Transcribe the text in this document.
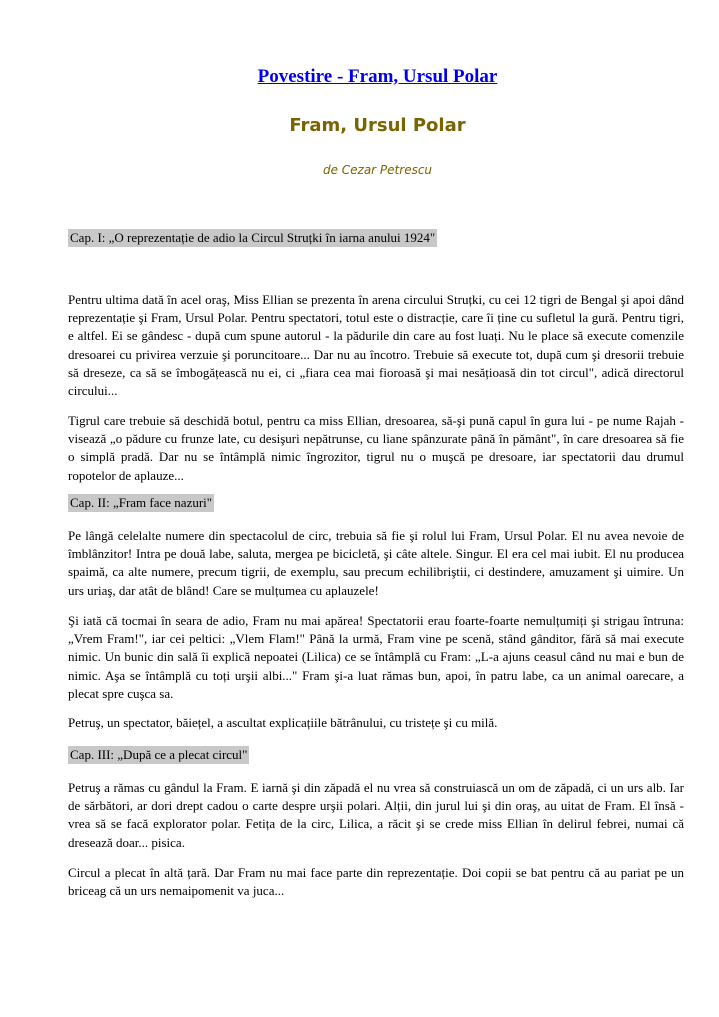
Povestire - Fram, Ursul Polar
Fram, Ursul Polar
de Cezar Petrescu
Cap. I: „O reprezentație de adio la Circul Struțki în iarna anului 1924"

Pentru ultima dată în acel oraş, Miss Ellian se prezenta în arena circului Struțki, cu cei 12 tigri de Bengal şi apoi dând reprezentație şi Fram, Ursul Polar. Pentru spectatori, totul este o distracție, care îi ține cu sufletul la gură. Pentru tigri, e altfel. Ei se gândesc - după cum spune autorul - la pădurile din care au fost luați. Nu le place să execute comenzile dresoarei cu privirea verzuie şi poruncitoare... Dar nu au încotro. Trebuie să execute tot, după cum şi dresorii trebuie să dreseze, ca să se îmbogățească nu ei, ci „fiara cea mai fioroasă şi mai nesățioasă din tot circul", adică directorul circului...

Tigrul care trebuie să deschidă botul, pentru ca miss Ellian, dresoarea, să-şi pună capul în gura lui - pe nume Rajah - visează „o pădure cu frunze late, cu desişuri nepătrunse, cu liane spânzurate până în pământ", în care dresoarea să fie o simplă pradă. Dar nu se întâmplă nimic îngrozitor, tigrul nu o muşcă pe dresoare, iar spectatorii dau drumul ropotelor de aplauze...

Cap. II: „Fram face nazuri"

Pe lângă celelalte numere din spectacolul de circ, trebuia să fie şi rolul lui Fram, Ursul Polar. El nu avea nevoie de îmblânzitor! Intra pe două labe, saluta, mergea pe bicicletă, şi câte altele. Singur. El era cel mai iubit. El nu producea spaimă, ca alte numere, precum tigrii, de exemplu, sau precum echilibriştii, ci destindere, amuzament şi uimire. Un urs uriaş, dar atât de blând! Care se mulțumea cu aplauzele!

Şi iată că tocmai în seara de adio, Fram nu mai apărea! Spectatorii erau foarte-foarte nemulțumiți şi strigau întruna: „Vrem Fram!", iar cei peltici: „Vlem Flam!" Până la urmă, Fram vine pe scenă, stând gânditor, fără să mai execute nimic. Un bunic din sală îi explică nepoatei (Lilica) ce se întâmplă cu Fram: „L-a ajuns ceasul când nu mai e bun de nimic. Aşa se întâmplă cu toți urşii albi..." Fram şi-a luat rămas bun, apoi, în patru labe, ca un animal oarecare, a plecat spre cuşca sa.

Petruş, un spectator, băiețel, a ascultat explicațiile bătrânului, cu tristețe şi cu milă.

Cap. III: „După ce a plecat circul"

Petruş a rămas cu gândul la Fram. E iarnă şi din zăpadă el nu vrea să construiască un om de zăpadă, ci un urs alb. Iar de sărbători, ar dori drept cadou o carte despre urşii polari. Alții, din jurul lui şi din oraş, au uitat de Fram. El însă - vrea să se facă explorator polar. Fetița de la circ, Lilica, a răcit şi se crede miss Ellian în delirul febrei, numai că dresează doar... pisica.

Circul a plecat în altă țară. Dar Fram nu mai face parte din reprezentație. Doi copii se bat pentru că au pariat pe un briceag că un urs nemaipomenit va juca...
